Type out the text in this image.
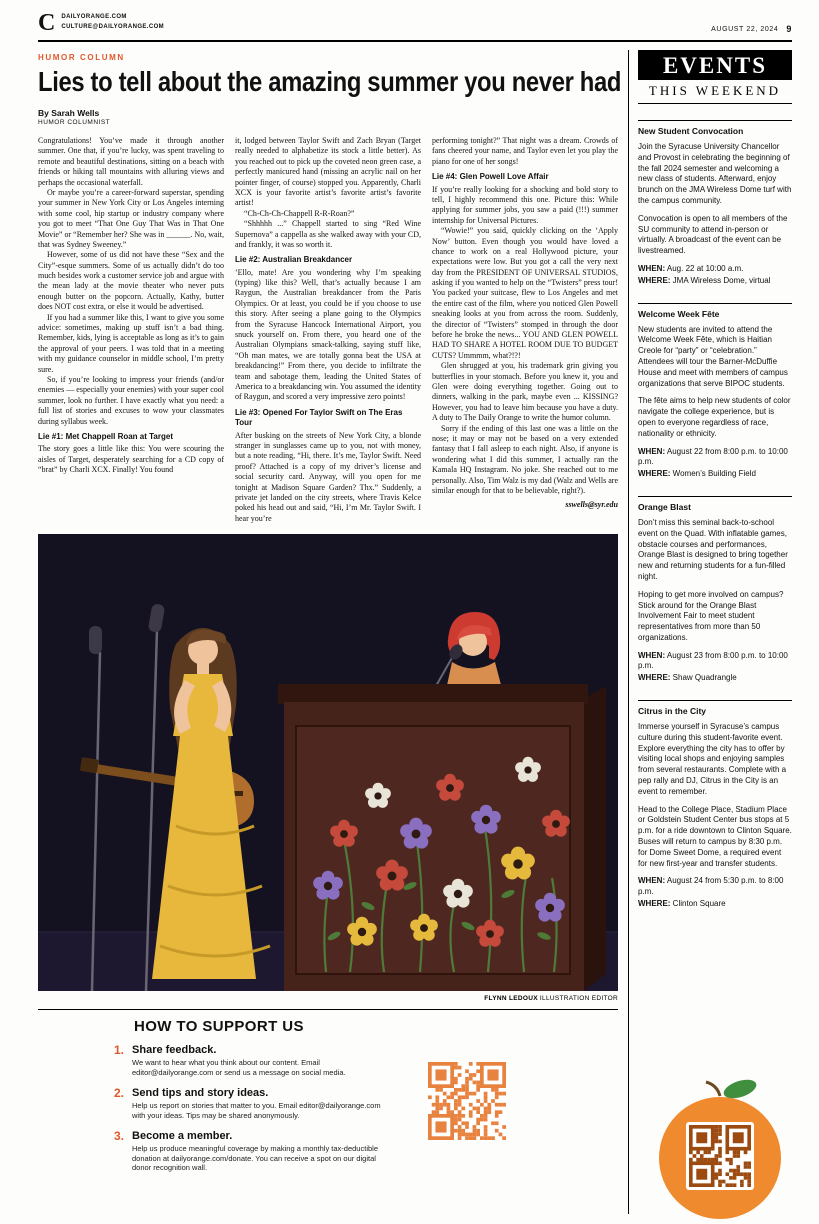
C DAILYORANGE.COM
CULTURE@DAILYORANGE.COM	AUGUST 22, 2024 9
HUMOR COLUMN
Lies to tell about the amazing summer you never had
By Sarah Wells
HUMOR COLUMNIST

Congratulations! You’ve made it through another summer. One that, if you’re lucky, was spent traveling to remote and beautiful destinations, sitting on a beach with friends or hiking tall mountains with alluring views and perhaps the occasional waterfall.

Or maybe you’re a career-forward superstar, spending your summer in New York City or Los Angeles interning with some cool, hip startup or industry company where you got to meet “That One Guy That Was in That One Movie” or “Remember her? She was in ______. No, wait, that was Sydney Sweeney.”

However, some of us did not have these “Sex and the City”-esque summers. Some of us actually didn’t do too much besides work a customer service job and argue with the mean lady at the movie theater who never puts enough butter on the popcorn. Actually, Kathy, butter does NOT cost extra, or else it would be advertised.

If you had a summer like this, I want to give you some advice: sometimes, making up stuff isn’t a bad thing. Remember, kids, lying is acceptable as long as it’s to gain the approval of your peers. I was told that in a meeting with my guidance counselor in middle school, I’m pretty sure.

So, if you’re looking to impress your friends (and/or enemies — especially your enemies) with your super cool summer, look no further. I have exactly what you need: a full list of stories and excuses to wow your classmates during syllabus week.

Lie #1: Met Chappell Roan at Target

The story goes a little like this: You were scouring the aisles of Target, desperately searching for a CD copy of “brat” by Charli XCX. Finally! You found

it, lodged between Taylor Swift and Zach Bryan (Target really needed to alphabetize its stock a little better). As you reached out to pick up the coveted neon green case, a perfectly manicured hand (missing an acrylic nail on her pointer finger, of course) stopped you. Apparently, Charli XCX is your favorite artist’s favorite artist’s favorite artist!

“Ch-Ch-Ch-Chappell R-R-Roan?”

“Shhhhh ...” Chappell started to sing “Red Wine Supernova” a cappella as she walked away with your CD, and frankly, it was so worth it.

Lie #2: Australian Breakdancer

’Ello, mate! Are you wondering why I’m speaking (typing) like this? Well, that’s actually because I am Raygun, the Australian breakdancer from the Paris Olympics. Or at least, you could be if you choose to use this story. After seeing a plane going to the Olympics from the Syracuse Hancock International Airport, you snuck yourself on. From there, you heard one of the Australian Olympians smack-talking, saying stuff like, “Oh man mates, we are totally gonna beat the USA at breakdancing!” From there, you decide to infiltrate the team and sabotage them, leading the United States of America to a breakdancing win. You assumed the identity of Raygun, and scored a very impressive zero points!

Lie #3: Opened For Taylor Swift on The Eras Tour

After busking on the streets of New York City, a blonde stranger in sunglasses came up to you, not with money, but a note reading, “Hi, there. It’s me, Taylor Swift. Need proof? Attached is a copy of my driver’s license and social security card. Anyway, will you open for me tonight at Madison Square Garden? Thx.” Suddenly, a private jet landed on the city streets, where Travis Kelce poked his head out and said, “Hi, I’m Mr. Taylor Swift. I hear you’re

performing tonight?” That night was a dream. Crowds of fans cheered your name, and Taylor even let you play the piano for one of her songs!

Lie #4: Glen Powell Love Affair

If you’re really looking for a shocking and bold story to tell, I highly recommend this one. Picture this: While applying for summer jobs, you saw a paid (!!!) summer internship for Universal Pictures.

“Wowie!” you said, quickly clicking on the ‘Apply Now’ button. Even though you would have loved a chance to work on a real Hollywood picture, your expectations were low. But you got a call the very next day from the PRESIDENT OF UNIVERSAL STUDIOS, asking if you wanted to help on the “Twisters” press tour! You packed your suitcase, flew to Los Angeles and met the entire cast of the film, where you noticed Glen Powell sneaking looks at you from across the room. Suddenly, the director of “Twisters” stomped in through the door before he broke the news... YOU AND GLEN POWELL HAD TO SHARE A HOTEL ROOM DUE TO BUDGET CUTS? Ummmm, what?!?!

Glen shrugged at you, his trademark grin giving you butterflies in your stomach. Before you knew it, you and Glen were doing everything together. Going out to dinners, walking in the park, maybe even ... KISSING? However, you had to leave him because you have a duty. A duty to The Daily Orange to write the humor column.

Sorry if the ending of this last one was a little on the nose; it may or may not be based on a very extended fantasy that I fall asleep to each night. Also, if anyone is wondering what I did this summer, I actually ran the Kamala HQ Instagram. No joke. She reached out to me personally. Also, Tim Walz is my dad (Walz and Wells are similar enough for that to be believable, right?).

sswells@syr.edu

FLYNN LEDOUX ILLUSTRATION EDITOR
HOW TO SUPPORT US
1. Share feedback.

We want to hear what you think about our content. Email editor@dailyorange.com or send us a message on social media.

2. Send tips and story ideas.

Help us report on stories that matter to you. Email editor@dailyorange.com with your ideas. Tips may be shared anonymously.

3. Become a member.

Help us produce meaningful coverage by making a monthly tax-deductible donation at dailyorange.com/donate. You can receive a spot on our digital donor recognition wall.

EVENTS
THIS WEEKEND
New Student Convocation

Join the Syracuse University Chancellor and Provost in celebrating the beginning of the fall 2024 semester and welcoming a new class of students. Afterward, enjoy brunch on the JMA Wireless Dome turf with the campus community.

Convocation is open to all members of the SU community to attend in-person or virtually. A broadcast of the event can be livestreamed.

WHEN: Aug. 22 at 10:00 a.m.

WHERE: JMA Wireless Dome, virtual

Welcome Week Fête

New students are invited to attend the Welcome Week Fête, which is Haitian Creole for “party” or “celebration.” Attendees will tour the Barner-McDuffie House and meet with members of campus organizations that serve BIPOC students.

The fête aims to help new students of color navigate the college experience, but is open to everyone regardless of race, nationality or ethnicity.

WHEN: August 22 from 8:00 p.m. to 10:00 p.m.

WHERE: Women’s Building Field

Orange Blast

Don’t miss this seminal back-to-school event on the Quad. With inflatable games, obstacle courses and performances, Orange Blast is designed to bring together new and returning students for a fun-filled night.

Hoping to get more involved on campus? Stick around for the Orange Blast Involvement Fair to meet student representatives from more than 50 organizations.

WHEN: August 23 from 8:00 p.m. to 10:00 p.m.

WHERE: Shaw Quadrangle

Citrus in the City

Immerse yourself in Syracuse’s campus culture during this student-favorite event. Explore everything the city has to offer by visiting local shops and enjoying samples from several restaurants. Complete with a pep rally and DJ, Citrus in the City is an event to remember.

Head to the College Place, Stadium Place or Goldstein Student Center bus stops at 5 p.m. for a ride downtown to Clinton Square. Buses will return to campus by 8:30 p.m. for Dome Sweet Dome, a required event for new first-year and transfer students.

WHEN: August 24 from 5:30 p.m. to 8:00 p.m.

WHERE: Clinton Square
